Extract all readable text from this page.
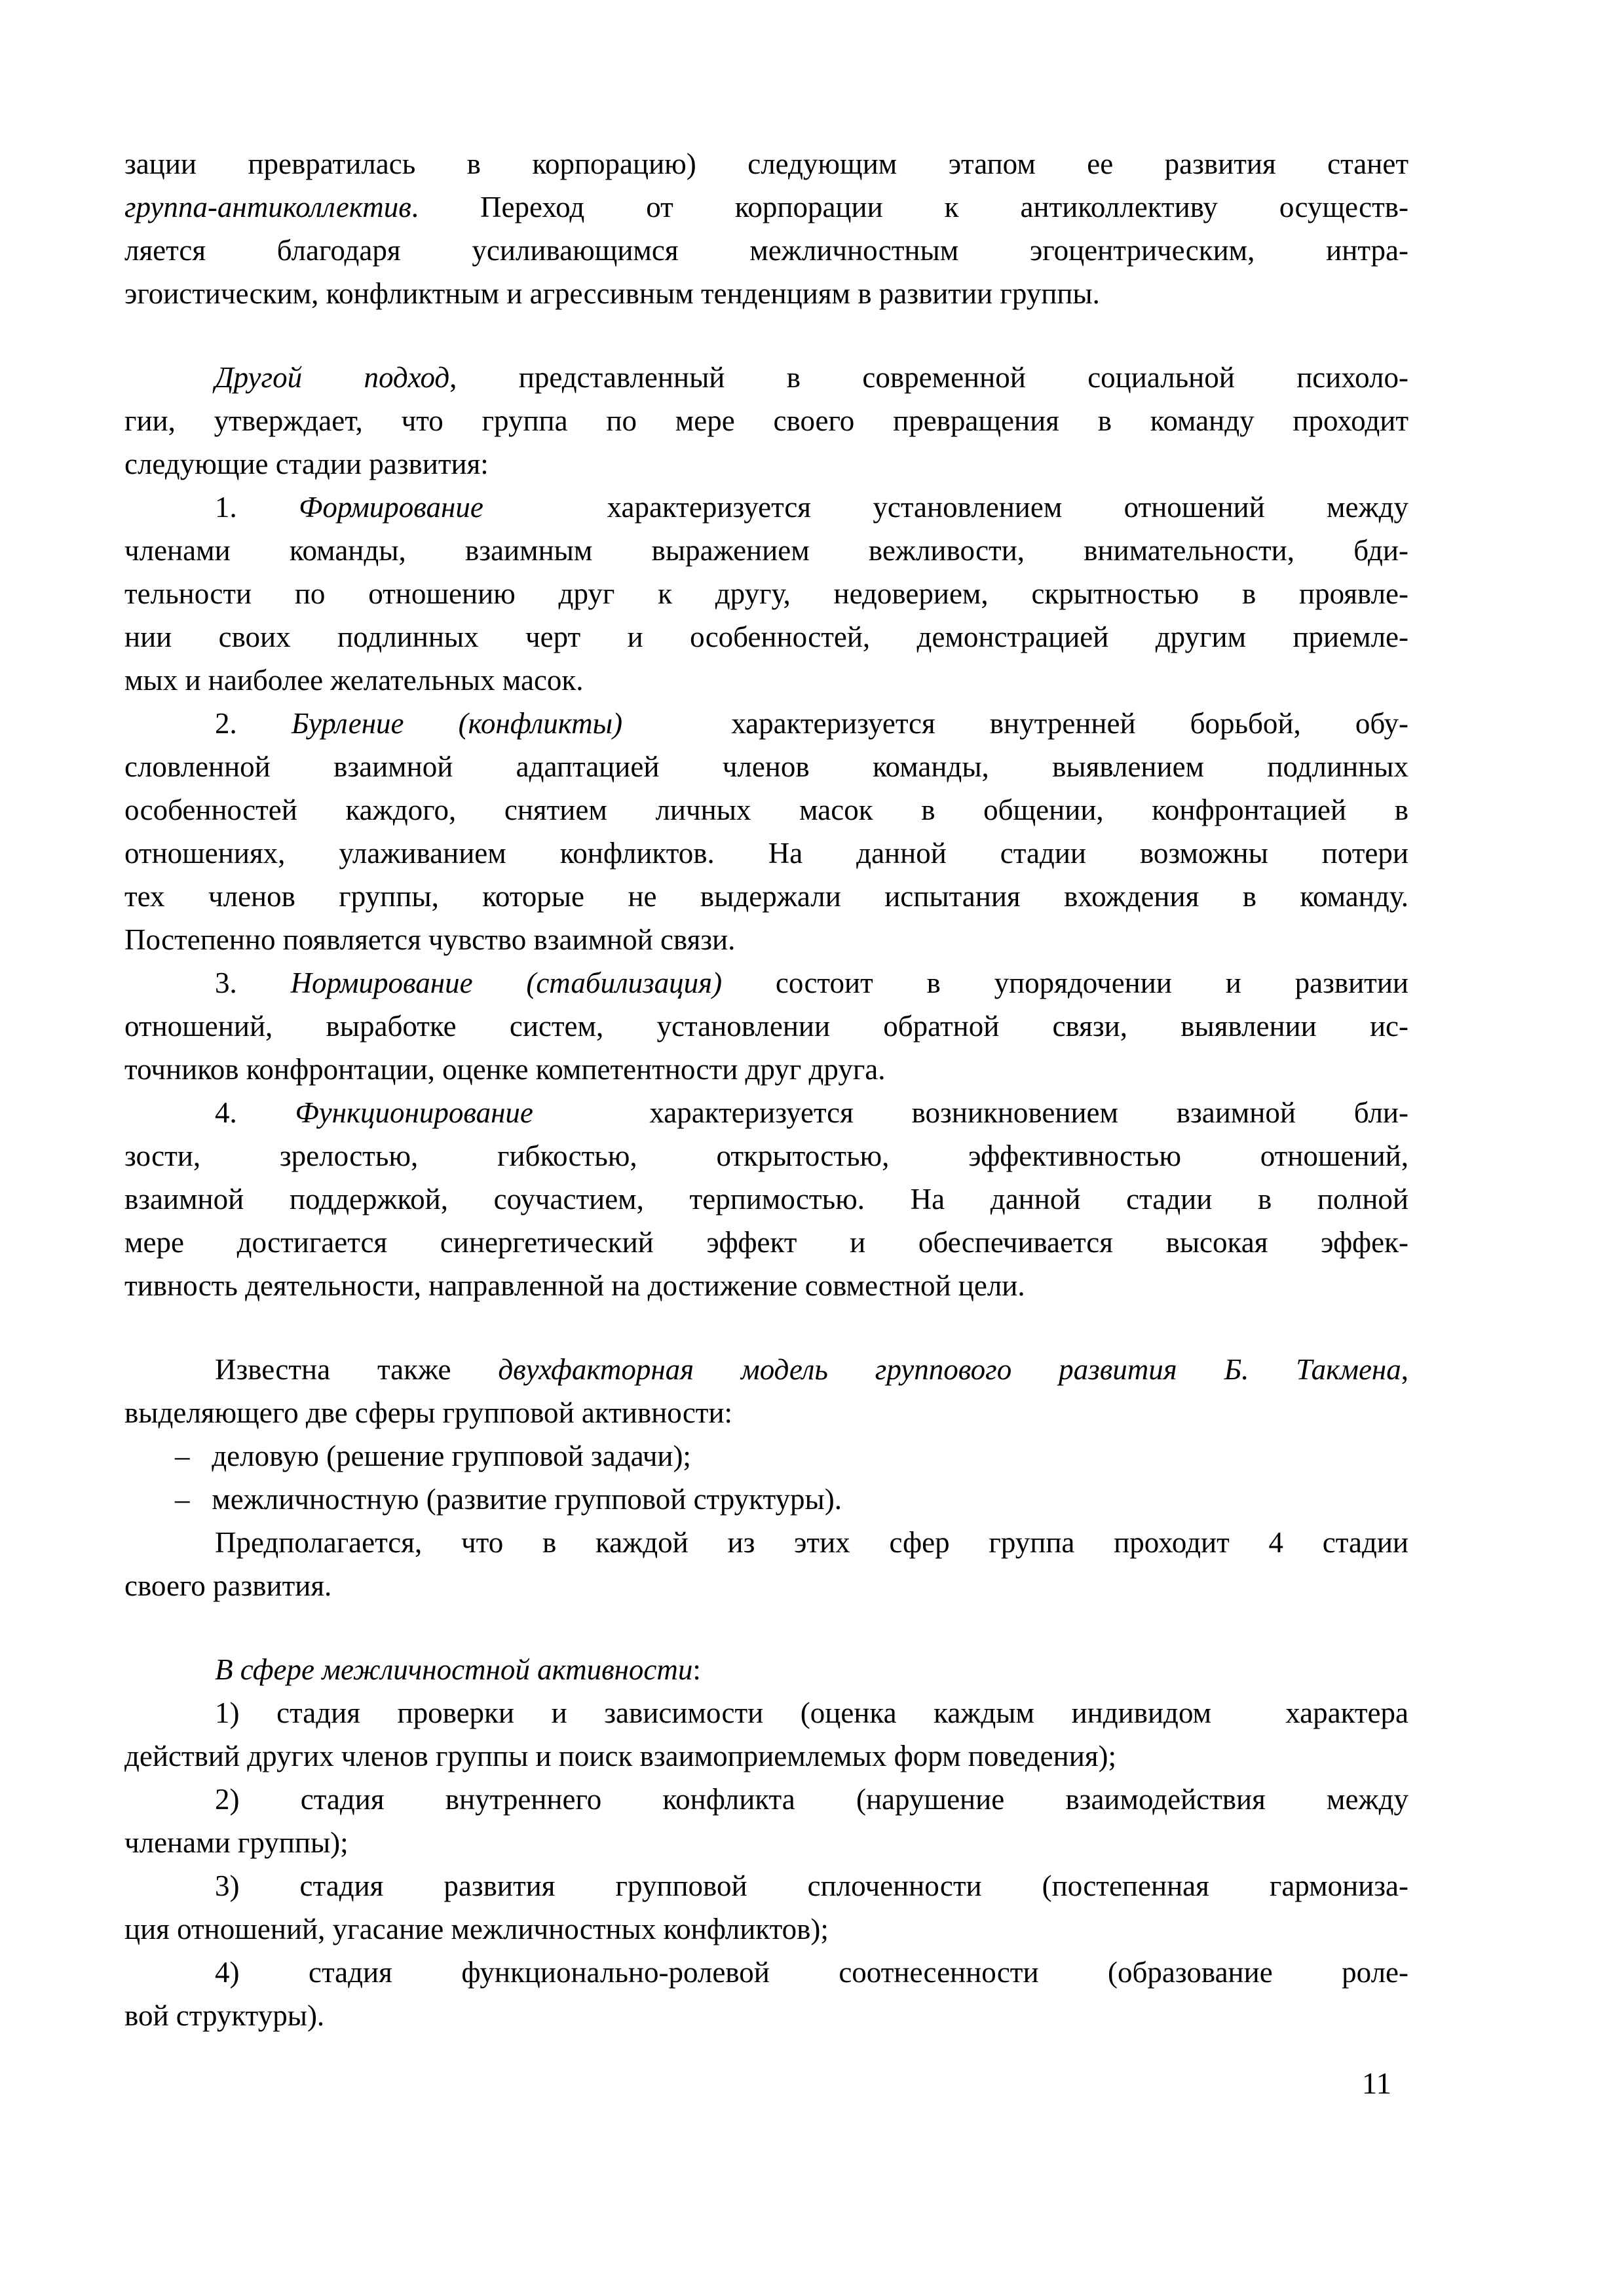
зации превратилась в корпорацию) следующим этапом ее развития станет
группа-антиколлектив. Переход от корпорации к антиколлективу осуществ-
ляется благодаря усиливающимся межличностным эгоцентрическим, интра-
эгоистическим, конфликтным и агрессивным тенденциям в развитии группы.
Другой подход, представленный в современной социальной психоло-
гии, утверждает, что группа по мере своего превращения в команду проходит
следующие стадии развития:
1. Формирование  характеризуется установлением отношений между
членами команды, взаимным выражением вежливости, внимательности, бди-
тельности по отношению друг к другу, недоверием, скрытностью в проявле-
нии своих подлинных черт и особенностей, демонстрацией другим приемле-
мых и наиболее желательных масок.
2. Бурление (конфликты)  характеризуется внутренней борьбой, обу-
словленной взаимной адаптацией членов команды, выявлением подлинных
особенностей каждого, снятием личных масок в общении, конфронтацией в
отношениях, улаживанием конфликтов. На данной стадии возможны потери
тех членов группы, которые не выдержали испытания вхождения в команду.
Постепенно появляется чувство взаимной связи.
3. Нормирование (стабилизация) состоит в упорядочении и развитии
отношений, выработке систем, установлении обратной связи, выявлении ис-
точников конфронтации, оценке компетентности друг друга.
4. Функционирование  характеризуется возникновением взаимной бли-
зости, зрелостью, гибкостью, открытостью, эффективностью отношений,
взаимной поддержкой, соучастием, терпимостью. На данной стадии в полной
мере достигается синергетический эффект и обеспечивается высокая эффек-
тивность деятельности, направленной на достижение совместной цели.
Известна также двухфакторная модель группового развития Б. Такмена,
выделяющего две сферы групповой активности:
–   деловую (решение групповой задачи);
–   межличностную (развитие групповой структуры).
Предполагается, что в каждой из этих сфер группа проходит 4 стадии
своего развития.
В сфере межличностной активности:
1) стадия проверки и зависимости (оценка каждым индивидом  характера
действий других членов группы и поиск взаимоприемлемых форм поведения);
2) стадия внутреннего конфликта (нарушение взаимодействия между
членами группы);
3) стадия развития групповой сплоченности (постепенная гармониза-
ция отношений, угасание межличностных конфликтов);
4) стадия функционально-ролевой соотнесенности (образование роле-
вой структуры).
11
